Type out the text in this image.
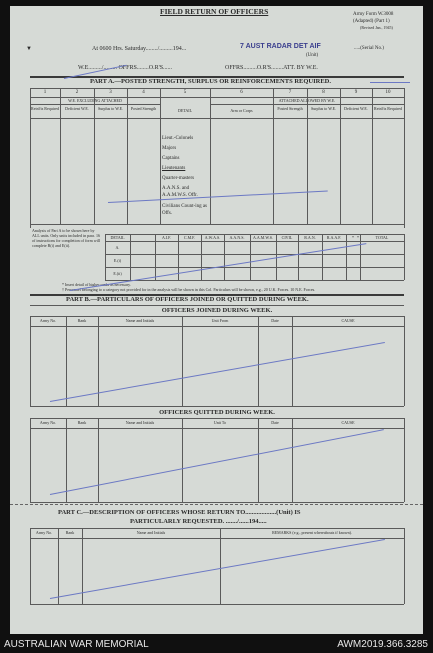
FIELD RETURN OF OFFICERS	Army Form W.3008
(Adapted) (Part 1)
(Revised Jan., 1945)
▼	At 0600 Hrs. Saturday......../.........194...	7 AUST RADAR DET AIF
(Unit)
.....(Serial No.)
W.E........./......... OFFRS........O.R'S......	OFFRS.........O.R'S........ATT. BY W.E.
PART A.—POSTED STRENGTH, SURPLUS OR REINFORCEMENTS REQUIRED.
1	2	3	4	5	6	7	8	9	10
W.E. EXCLUDING ATTACHED	ATTACHED ALLOWED BY W.E.
Rein'fts Required	Deficient W.E.	Surplus to W.E.	Posted Strength	DETAIL	Arm or Corps	Posted Strength	Surplus to W.E.	Deficient W.E.	Rein'fts Required
Lieut.-Colonels
Majors
Captains
Lieutenants
Quarter-masters
A.A.N.S. and A.A.M.W.S. Offr.
Civilians Count-ing as Offs.
Analysis of Part A to be shown here by ALL units. Only units included in para. 16 of instructions for completion of form will complete B(i) and E(ii).
DETAIL	A.I.F.	C.M.F.	A.W.A.S.	A.A.N.S.	A.A.M.W.S.	CIVIL	R.A.N.	R.A.A.F.	* *	TOTAL
A.
E.(i)
E.(ii)
* Insert detail of higher ranks as necessary.
† Personnel belonging to a category not provided for in the analysis will be shown in this Col. Particulars will be shown, e.g., 20 U.K. Forces. 10 N.E. Forces.
PART B.—PARTICULARS OF OFFICERS JOINED OR QUITTED DURING WEEK.
OFFICERS JOINED DURING WEEK.
Army No.	Rank	Name and Initials	Unit From	Date	CAUSE
OFFICERS QUITTED DURING WEEK.
Army No.	Rank	Name and Initials	Unit To	Date	CAUSE
PART C.—DESCRIPTION OF OFFICERS WHOSE RETURN TO...................(Unit) IS
PARTICULARLY REQUESTED. ......./......194.....
Army No.	Rank	Name and Initials	REMARKS (e.g., present whereabouts if known).
AUSTRALIAN WAR MEMORIAL	AWM2019.366.3285
